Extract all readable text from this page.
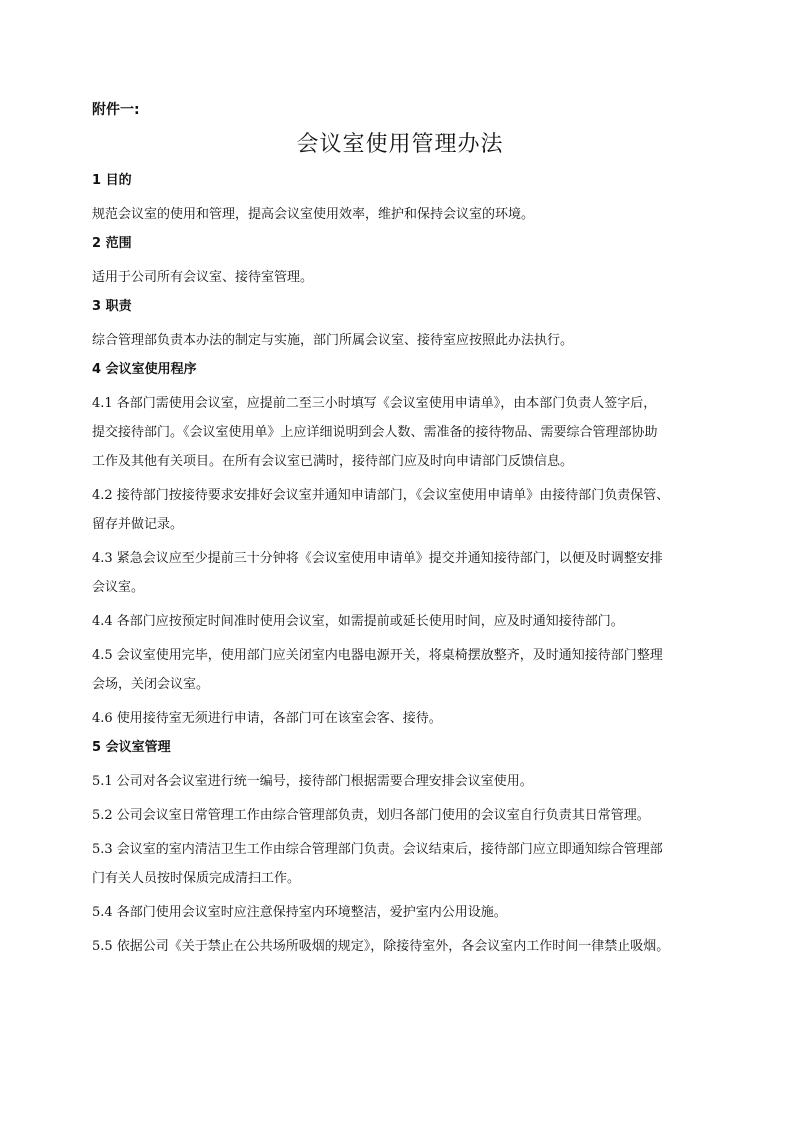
附件一:
会议室使用管理办法
1 目的
规范会议室的使用和管理，提高会议室使用效率，维护和保持会议室的环境。
2 范围
适用于公司所有会议室、接待室管理。
3 职责
综合管理部负责本办法的制定与实施，部门所属会议室、接待室应按照此办法执行。
4 会议室使用程序
4.1 各部门需使用会议室，应提前二至三小时填写《会议室使用申请单》，由本部门负责人签字后，
提交接待部门。《会议室使用单》上应详细说明到会人数、需准备的接待物品、需要综合管理部协助
工作及其他有关项目。在所有会议室已满时，接待部门应及时向申请部门反馈信息。
4.2 接待部门按接待要求安排好会议室并通知申请部门，《会议室使用申请单》由接待部门负责保管、
留存并做记录。
4.3 紧急会议应至少提前三十分钟将《会议室使用申请单》提交并通知接待部门，以便及时调整安排
会议室。
4.4 各部门应按预定时间准时使用会议室，如需提前或延长使用时间，应及时通知接待部门。
4.5 会议室使用完毕，使用部门应关闭室内电器电源开关，将桌椅摆放整齐，及时通知接待部门整理
会场，关闭会议室。
4.6 使用接待室无须进行申请，各部门可在该室会客、接待。
5 会议室管理
5.1 公司对各会议室进行统一编号，接待部门根据需要合理安排会议室使用。
5.2 公司会议室日常管理工作由综合管理部负责，划归各部门使用的会议室自行负责其日常管理。
5.3 会议室的室内清洁卫生工作由综合管理部门负责。会议结束后，接待部门应立即通知综合管理部
门有关人员按时保质完成清扫工作。
5.4 各部门使用会议室时应注意保持室内环境整洁，爱护室内公用设施。
5.5 依据公司《关于禁止在公共场所吸烟的规定》，除接待室外，各会议室内工作时间一律禁止吸烟。
